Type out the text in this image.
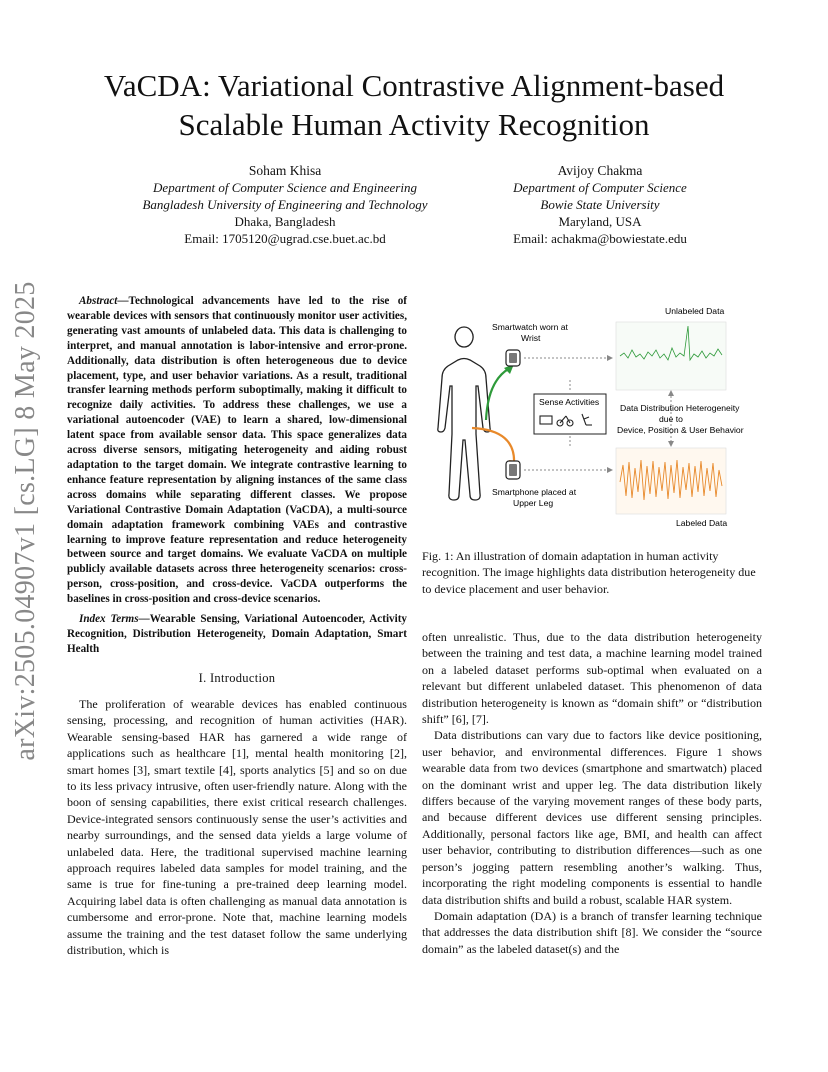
VaCDA: Variational Contrastive Alignment-based
Scalable Human Activity Recognition
Soham Khisa
Department of Computer Science and Engineering
Bangladesh University of Engineering and Technology
Dhaka, Bangladesh
Email: 1705120@ugrad.cse.buet.ac.bd
Avijoy Chakma
Department of Computer Science
Bowie State University
Maryland, USA
Email: achakma@bowiestate.edu
arXiv:2505.04907v1 [cs.LG] 8 May 2025	Abstract—Technological advancements have led to the rise of wearable devices with sensors that continuously monitor user activities, generating vast amounts of unlabeled data. This data is challenging to interpret, and manual annotation is labor-intensive and error-prone. Additionally, data distribution is often heterogeneous due to device placement, type, and user behavior variations. As a result, traditional transfer learning methods perform suboptimally, making it difficult to recognize daily activities. To address these challenges, we use a variational autoencoder (VAE) to learn a shared, low-dimensional latent space from available sensor data. This space generalizes data across diverse sensors, mitigating heterogeneity and aiding robust adaptation to the target domain. We integrate contrastive learning to enhance feature representation by aligning instances of the same class across domains while separating different classes. We propose Variational Contrastive Domain Adaptation (VaCDA), a multi-source domain adaptation framework combining VAEs and contrastive learning to improve feature representation and reduce heterogeneity between source and target domains. We evaluate VaCDA on multiple publicly available datasets across three heterogeneity scenarios: cross-person, cross-position, and cross-device. VaCDA outperforms the baselines in cross-position and cross-device scenarios.

Index Terms—Wearable Sensing, Variational Autoencoder, Activity Recognition, Distribution Heterogeneity, Domain Adaptation, Smart Health

I. Introduction

The proliferation of wearable devices has enabled continuous sensing, processing, and recognition of human activities (HAR). Wearable sensing-based HAR has garnered a wide range of applications such as healthcare [1], mental health monitoring [2], smart homes [3], smart textile [4], sports analytics [5] and so on due to its less privacy intrusive, often user-friendly nature. Along with the boon of sensing capabilities, there exist critical research challenges. Device-integrated sensors continuously sense the user’s activities and nearby surroundings, and the sensed data yields a large volume of unlabeled data. Here, the traditional supervised machine learning approach requires labeled data samples for model training, and the same is true for fine-tuning a pre-trained deep learning model. Acquiring label data is often challenging as manual data annotation is cumbersome and error-prone. Note that, machine learning models assume the training and the test dataset follow the same underlying distribution, which is

Smartwatch worn at
Wrist
Smartphone placed at
Upper Leg
Unlabeled Data
Labeled Data
Sense Activities
Data Distribution Heterogeneity
due to
Device, Position & User Behavior
Fig. 1: An illustration of domain adaptation in human activity recognition. The image highlights data distribution heterogeneity due to device placement and user behavior.

often unrealistic. Thus, due to the data distribution heterogeneity between the training and test data, a machine learning model trained on a labeled dataset performs sub-optimal when evaluated on a relevant but different unlabeled dataset. This phenomenon of data distribution heterogeneity is known as “domain shift” or “distribution shift” [6], [7].

Data distributions can vary due to factors like device positioning, user behavior, and environmental differences. Figure 1 shows wearable data from two devices (smartphone and smartwatch) placed on the dominant wrist and upper leg. The data distribution likely differs because of the varying movement ranges of these body parts, and because different devices use different sensing principles. Additionally, personal factors like age, BMI, and health can affect user behavior, contributing to distribution differences—such as one person’s jogging pattern resembling another’s walking. Thus, incorporating the right modeling components is essential to handle data distribution shifts and build a robust, scalable HAR system.

Domain adaptation (DA) is a branch of transfer learning technique that addresses the data distribution shift [8]. We consider the “source domain” as the labeled dataset(s) and the
